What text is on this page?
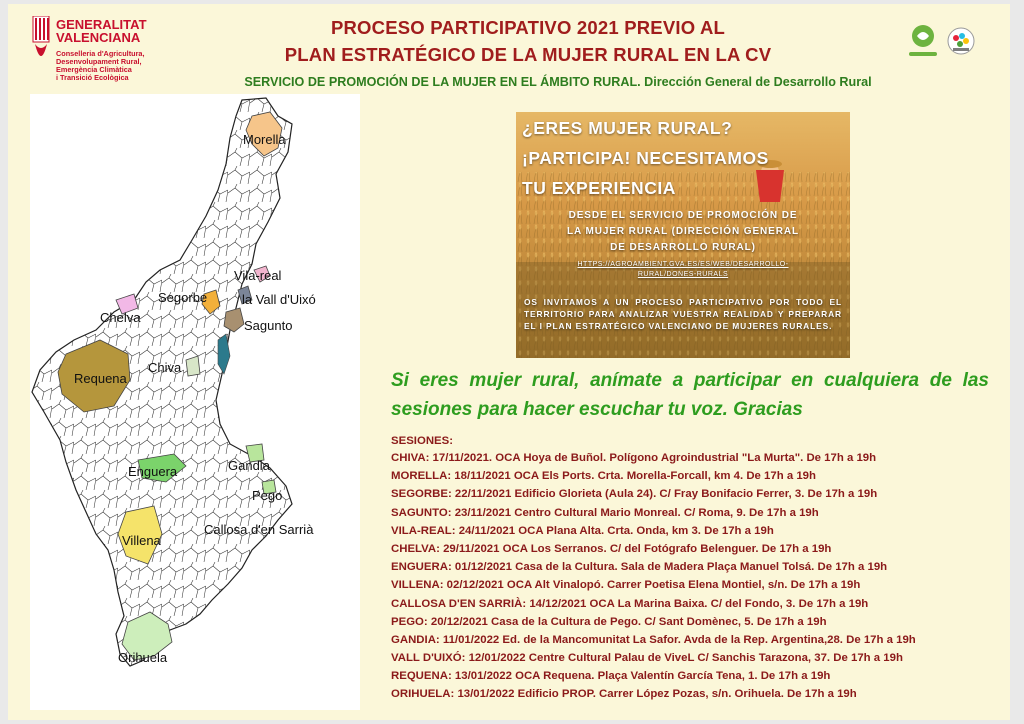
GENERALITAT
VALENCIANA
Conselleria d'Agricultura,
Desenvolupament Rural,
Emergència Climàtica
i Transició Ecològica
PROCESO PARTICIPATIVO 2021 PREVIO AL
PLAN ESTRATÉGICO DE LA MUJER RURAL EN LA CV
SERVICIO DE PROMOCIÓN DE LA MUJER EN EL ÁMBITO RURAL. Dirección General de Desarrollo Rural
Morella
Vila-real
Segorbe	la Vall d'Uixó
Chelva
Sagunto
Chiva
Requena
Enguera	Gandia
Pego
Callosa d'en Sarrià
Villena
Orihuela
¿ERES MUJER RURAL?
¡PARTICIPA! NECESITAMOS
TU EXPERIENCIA
DESDE EL SERVICIO DE PROMOCIÓN DE
LA MUJER RURAL (DIRECCIÓN GENERAL
DE DESARROLLO RURAL)
HTTPS://AGROAMBIENT.GVA.ES/ES/WEB/DESARROLLO-
RURAL/DONES-RURALS
OS INVITAMOS A UN PROCESO PARTICIPATIVO POR TODO EL TERRITORIO PARA ANALIZAR VUESTRA REALIDAD Y PREPARAR EL I PLAN ESTRATÉGICO VALENCIANO DE MUJERES RURALES.
Si eres mujer rural, anímate a participar en cualquiera de las sesiones para hacer escuchar tu voz. Gracias
SESIONES:
CHIVA: 17/11/2021. OCA Hoya de Buñol. Polígono Agroindustrial "La Murta". De 17h a 19h
MORELLA: 18/11/2021 OCA Els Ports. Crta. Morella-Forcall, km 4. De 17h a 19h
SEGORBE: 22/11/2021 Edificio Glorieta (Aula 24). C/ Fray Bonifacio Ferrer, 3. De 17h a 19h
SAGUNTO: 23/11/2021 Centro Cultural Mario Monreal. C/ Roma, 9. De 17h a 19h
VILA-REAL: 24/11/2021 OCA Plana Alta. Crta. Onda, km 3. De 17h a 19h
CHELVA: 29/11/2021 OCA Los Serranos. C/ del Fotógrafo Belenguer. De 17h a 19h
ENGUERA: 01/12/2021 Casa de la Cultura. Sala de Madera Plaça Manuel Tolsá. De 17h a 19h
VILLENA: 02/12/2021 OCA Alt Vinalopó. Carrer Poetisa Elena Montiel, s/n. De 17h a 19h
CALLOSA D'EN SARRIÀ: 14/12/2021 OCA La Marina Baixa. C/ del Fondo, 3. De 17h a 19h
PEGO: 20/12/2021 Casa de la Cultura de Pego. C/ Sant Domènec, 5. De 17h a 19h
GANDIA: 11/01/2022 Ed. de la Mancomunitat La Safor. Avda de la Rep. Argentina,28. De 17h a 19h
VALL D'UIXÓ: 12/01/2022 Centre Cultural Palau de ViveL C/ Sanchis Tarazona, 37. De 17h a 19h
REQUENA: 13/01/2022 OCA Requena. Plaça Valentín García Tena, 1. De 17h a 19h
ORIHUELA: 13/01/2022 Edificio PROP. Carrer López Pozas, s/n. Orihuela. De 17h a 19h
